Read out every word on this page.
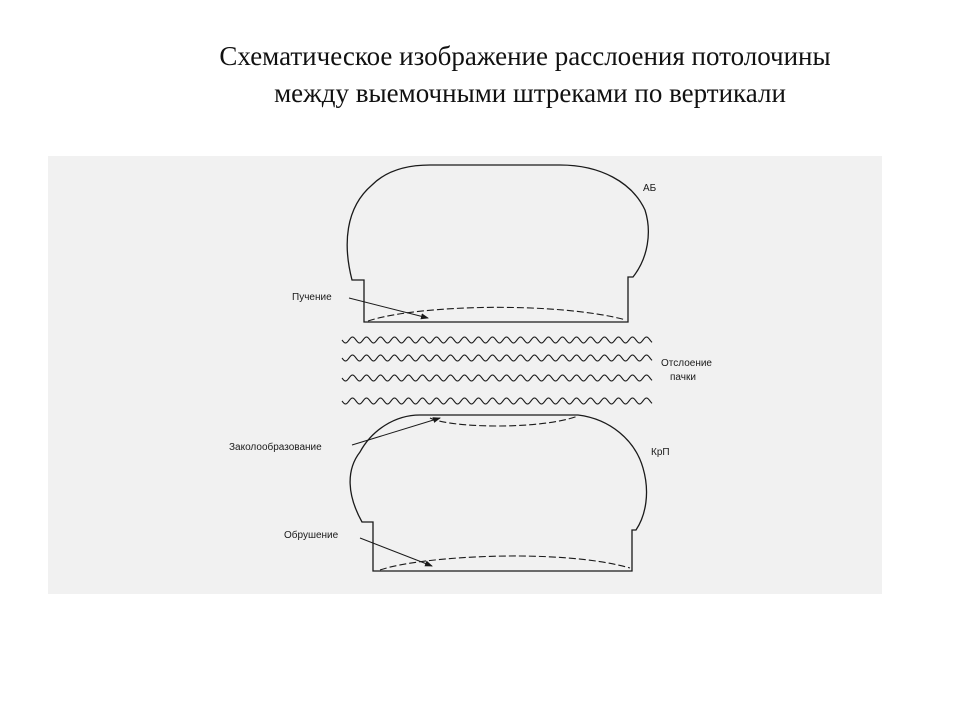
Схематическое изображение расслоения потолочины
между выемочными штреками по вертикали
АБ
Пучение
Отслоение
пачки
Заколообразование	КрП
Обрушение
